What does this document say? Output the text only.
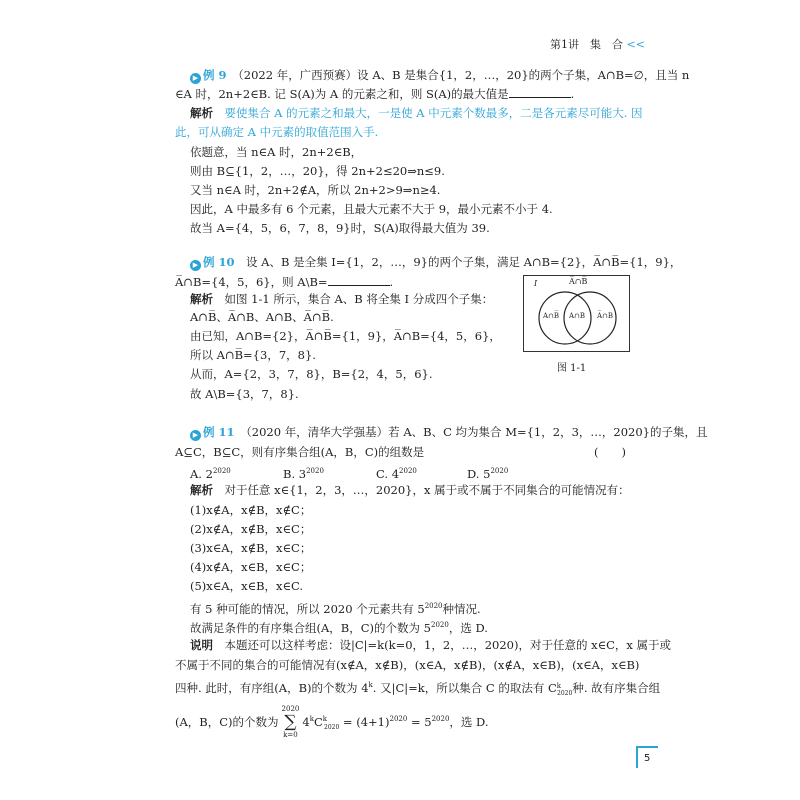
第1讲　集　合 <<
▶ 例 9　 （2022 年，广西预赛）设 A、B 是集合{1，2，…，20}的两个子集，A∩B=∅，且当 n
∈A 时，2n+2∈B. 记 S(A)为 A 的元素之和，则 S(A)的最大值是	.
解析　 要使集合 A 的元素之和最大，一是使 A 中元素个数最多，二是各元素尽可能大. 因
此，可从确定 A 中元素的取值范围入手.
依题意，当 n∈A 时，2n+2∈B，
则由 B⊆{1，2，…，20}，得 2n+2≤20⇒n≤9.
又当 n∈A 时，2n+2∉A，所以 2n+2>9⇒n≥4.
因此，A 中最多有 6 个元素，且最大元素不大于 9，最小元素不小于 4.
故当 A={4，5，6，7，8，9}时，S(A)取得最大值为 39.
▶ 例 10　 设 A、B 是全集 I={1，2，…，9}的两个子集，满足 A∩B={2}，A̅∩B̅={1，9}，
A̅∩B={4，5，6}，则 A\B=	.
解析　 如图 1-1 所示，集合 A、B 将全集 I 分成四个子集：
A∩B̅、A̅∩B、A∩B、A̅∩B̅.
由已知，A∩B={2}，A̅∩B̅={1，9}，A̅∩B={4，5，6}，
所以 A∩B̅={3，7，8}.
从而，A={2，3，7，8}，B={2，4，5，6}.
故 A\B={3，7，8}.
I	A̅∩B̅
A∩B̅ A∩B A̅∩B
图 1-1
▶ 例 11　 （2020 年，清华大学强基）若 A、B、C 均为集合 M={1，2，3，…，2020}的子集，且
A⊆C，B⊆C，则有序集合组(A，B，C)的组数是	(　　)
A. $2^{2020}$	B. $3^{2020}$	C. $4^{2020}$	D. $5^{2020}$
解析　 对于任意 x∈{1，2，3，…，2020}，x 属于或不属于不同集合的可能情况有：
(1)x∉A，x∉B，x∉C；
(2)x∉A，x∉B，x∈C；
(3)x∈A，x∉B，x∈C；
(4)x∉A，x∈B，x∈C；
(5)x∈A，x∈B，x∈C.
有 5 种可能的情况，所以 2020 个元素共有 $5^{2020}$种情况.
故满足条件的有序集合组(A，B，C)的个数为 $5^{2020}$，选 D.
说明　 本题还可以这样考虑：设|C|=k(k=0，1，2，…，2020)，对于任意的 x∈C，x 属于或
不属于不同的集合的可能情况有(x∉A，x∉B)，(x∈A，x∉B)，(x∉A，x∈B)，(x∈A，x∈B)
四种. 此时，有序组(A，B)的个数为 4$^k$. 又|C|=k，所以集合 C 的取法有 $C^k_{2020}$种. 故有序集合组
(A，B，C)的个数为2020
∑
$k=04^kC^k_{2020} = (4+1)^{2020} = 5^{2020}$，选 D.
5
